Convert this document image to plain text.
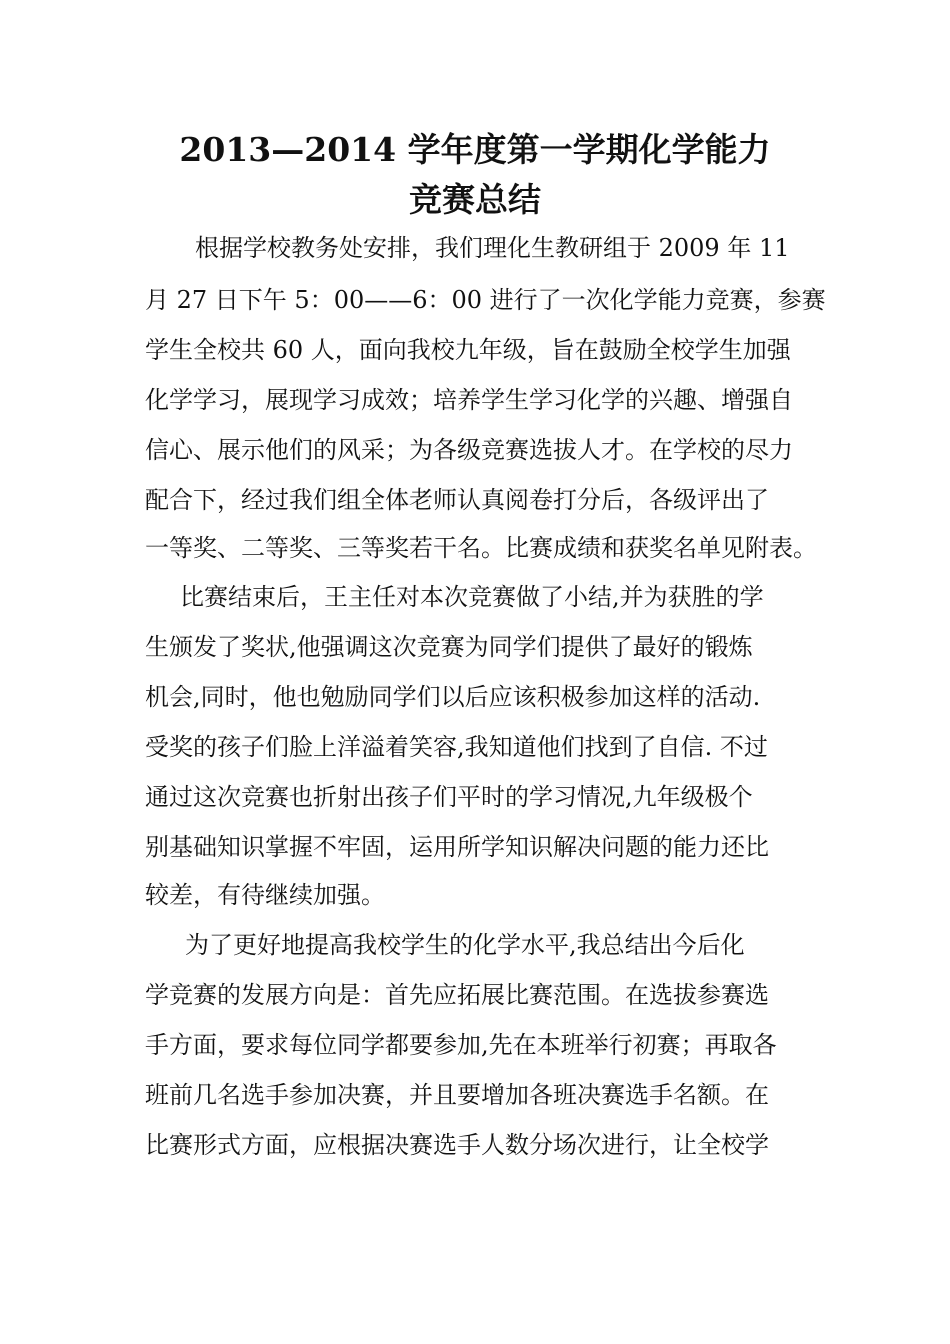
2013—2014 学年度第一学期化学能力
竞赛总结
根据学校教务处安排，我们理化生教研组于 2009 年 11
月 27 日下午 5：00——6：00 进行了一次化学能力竞赛，参赛
学生全校共 60 人，面向我校九年级，旨在鼓励全校学生加强
化学学习，展现学习成效；培养学生学习化学的兴趣、增强自
信心、展示他们的风采；为各级竞赛选拔人才。在学校的尽力
配合下，经过我们组全体老师认真阅卷打分后，各级评出了
一等奖、二等奖、三等奖若干名。比赛成绩和获奖名单见附表。
比赛结束后，王主任对本次竞赛做了小结,并为获胜的学
生颁发了奖状,他强调这次竞赛为同学们提供了最好的锻炼
机会,同时，他也勉励同学们以后应该积极参加这样的活动.
受奖的孩子们脸上洋溢着笑容,我知道他们找到了自信. 不过
通过这次竞赛也折射出孩子们平时的学习情况,九年级极个
别基础知识掌握不牢固，运用所学知识解决问题的能力还比
较差，有待继续加强。
为了更好地提高我校学生的化学水平,我总结出今后化
学竞赛的发展方向是：首先应拓展比赛范围。在选拔参赛选
手方面，要求每位同学都要参加,先在本班举行初赛；再取各
班前几名选手参加决赛，并且要增加各班决赛选手名额。在
比赛形式方面，应根据决赛选手人数分场次进行，让全校学
